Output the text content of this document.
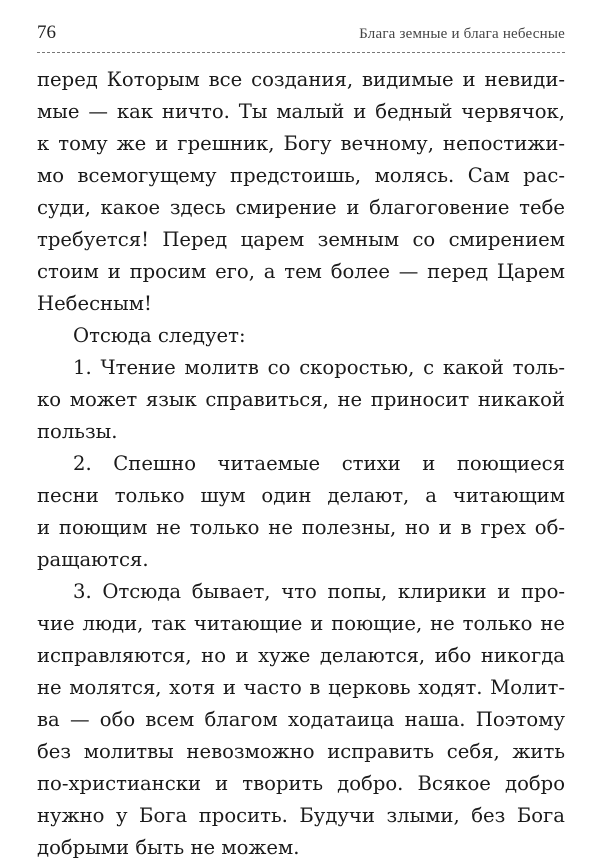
76	Блага земные и блага небесные
перед Которым все создания, видимые и невиди-
мые — как ничто. Ты малый и бедный червячок,
к тому же и грешник, Богу вечному, непостижи-
мо всемогущему предстоишь, молясь. Сам рас-
суди, какое здесь смирение и благоговение тебе
требуется! Перед царем земным со смирением
стоим и просим его, а тем более — перед Царем
Небесным!
Отсюда следует:
1. Чтение молитв со скоростью, с какой толь-
ко может язык справиться, не приносит никакой
пользы.
2. Спешно читаемые стихи и поющиеся
песни только шум один делают, а читающим
и поющим не только не полезны, но и в грех об-
ращаются.
3. Отсюда бывает, что попы, клирики и про-
чие люди, так читающие и поющие, не только не
исправляются, но и хуже делаются, ибо никогда
не молятся, хотя и часто в церковь ходят. Молит-
ва — обо всем благом ходатаица наша. Поэтому
без молитвы невозможно исправить себя, жить
по-христиански и творить добро. Всякое добро
нужно у Бога просить. Будучи злыми, без Бога
добрыми быть не можем.
